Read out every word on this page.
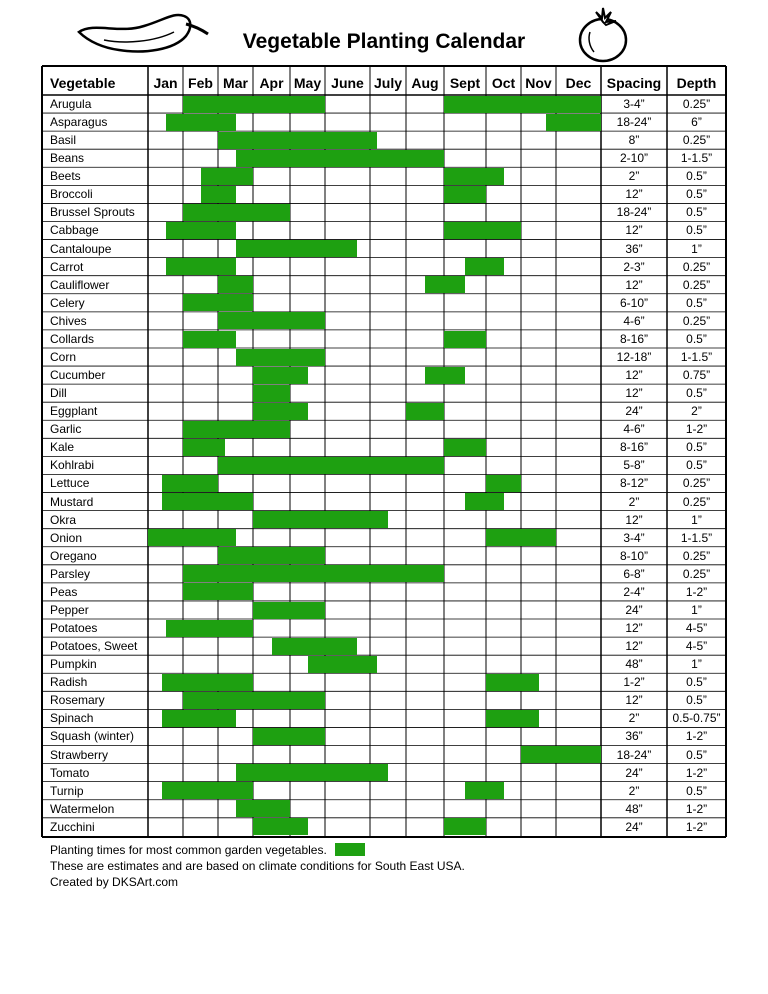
Vegetable Planting Calendar
Vegetable	Jan Feb Mar Apr May June July Aug Sept Oct Nov Dec	Spacing	Depth
Arugula	3-4”	0.25”
Asparagus	18-24”	6”
Basil	8”	0.25”
Beans	2-10”	1-1.5”
Beets	2”	0.5”
Broccoli	12”	0.5”
Brussel Sprouts	18-24”	0.5”
Cabbage	12”	0.5”
Cantaloupe	36”	1”
Carrot	2-3”	0.25”
Cauliflower	12”	0.25”
Celery	6-10”	0.5”
Chives	4-6”	0.25”
Collards	8-16”	0.5”
Corn	12-18”	1-1.5”
Cucumber	12”	0.75”
Dill	12”	0.5”
Eggplant	24”	2”
Garlic	4-6”	1-2”
Kale	8-16”	0.5”
Kohlrabi	5-8”	0.5”
Lettuce	8-12”	0.25”
Mustard	2”	0.25”
Okra	12”	1”
Onion	3-4”	1-1.5”
Oregano	8-10”	0.25”
Parsley	6-8”	0.25”
Peas	2-4”	1-2”
Pepper	24”	1”
Potatoes	12”	4-5”
Potatoes, Sweet	12”	4-5”
Pumpkin	48”	1”
Radish	1-2”	0.5”
Rosemary	12”	0.5”
Spinach	2”	0.5-0.75”
Squash (winter)	36”	1-2”
Strawberry	18-24”	0.5”
Tomato	24”	1-2”
Turnip	2”	0.5”
Watermelon	48”	1-2”
Zucchini	24”	1-2”
Planting times for most common garden vegetables.
These are estimates and are based on climate conditions for South East USA.
Created by DKSArt.com
